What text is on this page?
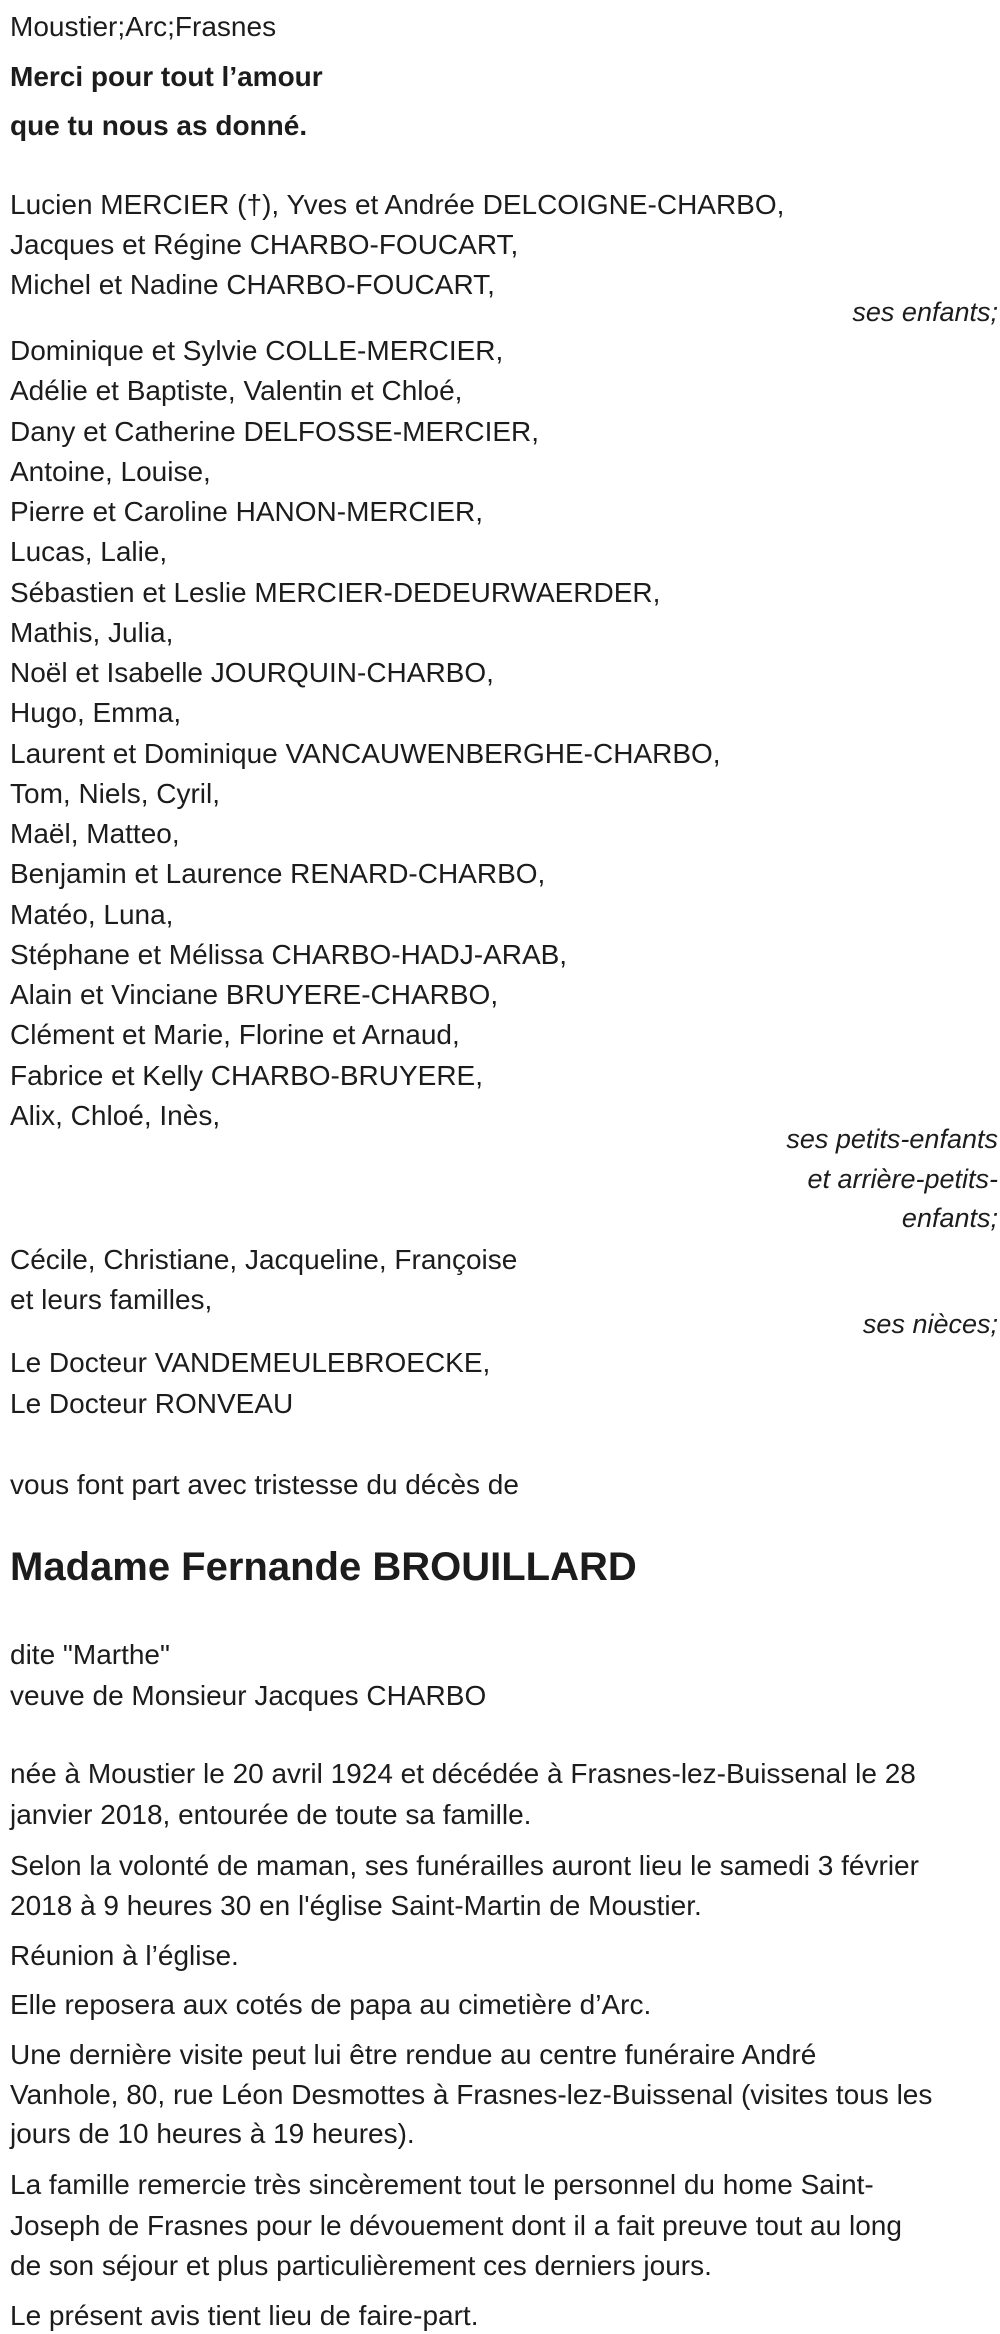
Moustier;Arc;Frasnes
Merci pour tout l’amour
que tu nous as donné.
Lucien MERCIER (†), Yves et Andrée DELCOIGNE-CHARBO,
Jacques et Régine CHARBO-FOUCART,
Michel et Nadine CHARBO-FOUCART,
ses enfants;
Dominique et Sylvie COLLE-MERCIER,
Adélie et Baptiste, Valentin et Chloé,
Dany et Catherine DELFOSSE-MERCIER,
Antoine, Louise,
Pierre et Caroline HANON-MERCIER,
Lucas, Lalie,
Sébastien et Leslie MERCIER-DEDEURWAERDER,
Mathis, Julia,
Noël et Isabelle JOURQUIN-CHARBO,
Hugo, Emma,
Laurent et Dominique VANCAUWENBERGHE-CHARBO,
Tom, Niels, Cyril,
Maël, Matteo,
Benjamin et Laurence RENARD-CHARBO,
Matéo, Luna,
Stéphane et Mélissa CHARBO-HADJ-ARAB,
Alain et Vinciane BRUYERE-CHARBO,
Clément et Marie, Florine et Arnaud,
Fabrice et Kelly CHARBO-BRUYERE,
Alix, Chloé, Inès,
ses petits-enfants
et arrière-petits-
enfants;
Cécile, Christiane, Jacqueline, Françoise
et leurs familles,
ses nièces;
Le Docteur VANDEMEULEBROECKE,
Le Docteur RONVEAU
vous font part avec tristesse du décès de
Madame Fernande BROUILLARD
dite "Marthe"
veuve de Monsieur Jacques CHARBO
née à Moustier le 20 avril 1924 et décédée à Frasnes-lez-Buissenal le 28
janvier 2018, entourée de toute sa famille.
Selon la volonté de maman, ses funérailles auront lieu le samedi 3 février
2018 à 9 heures 30 en l'église Saint-Martin de Moustier.
Réunion à l’église.
Elle reposera aux cotés de papa au cimetière d’Arc.
Une dernière visite peut lui être rendue au centre funéraire André
Vanhole, 80, rue Léon Desmottes à Frasnes-lez-Buissenal (visites tous les
jours de 10 heures à 19 heures).
La famille remercie très sincèrement tout le personnel du home Saint-
Joseph de Frasnes pour le dévouement dont il a fait preuve tout au long
de son séjour et plus particulièrement ces derniers jours.
Le présent avis tient lieu de faire-part.
